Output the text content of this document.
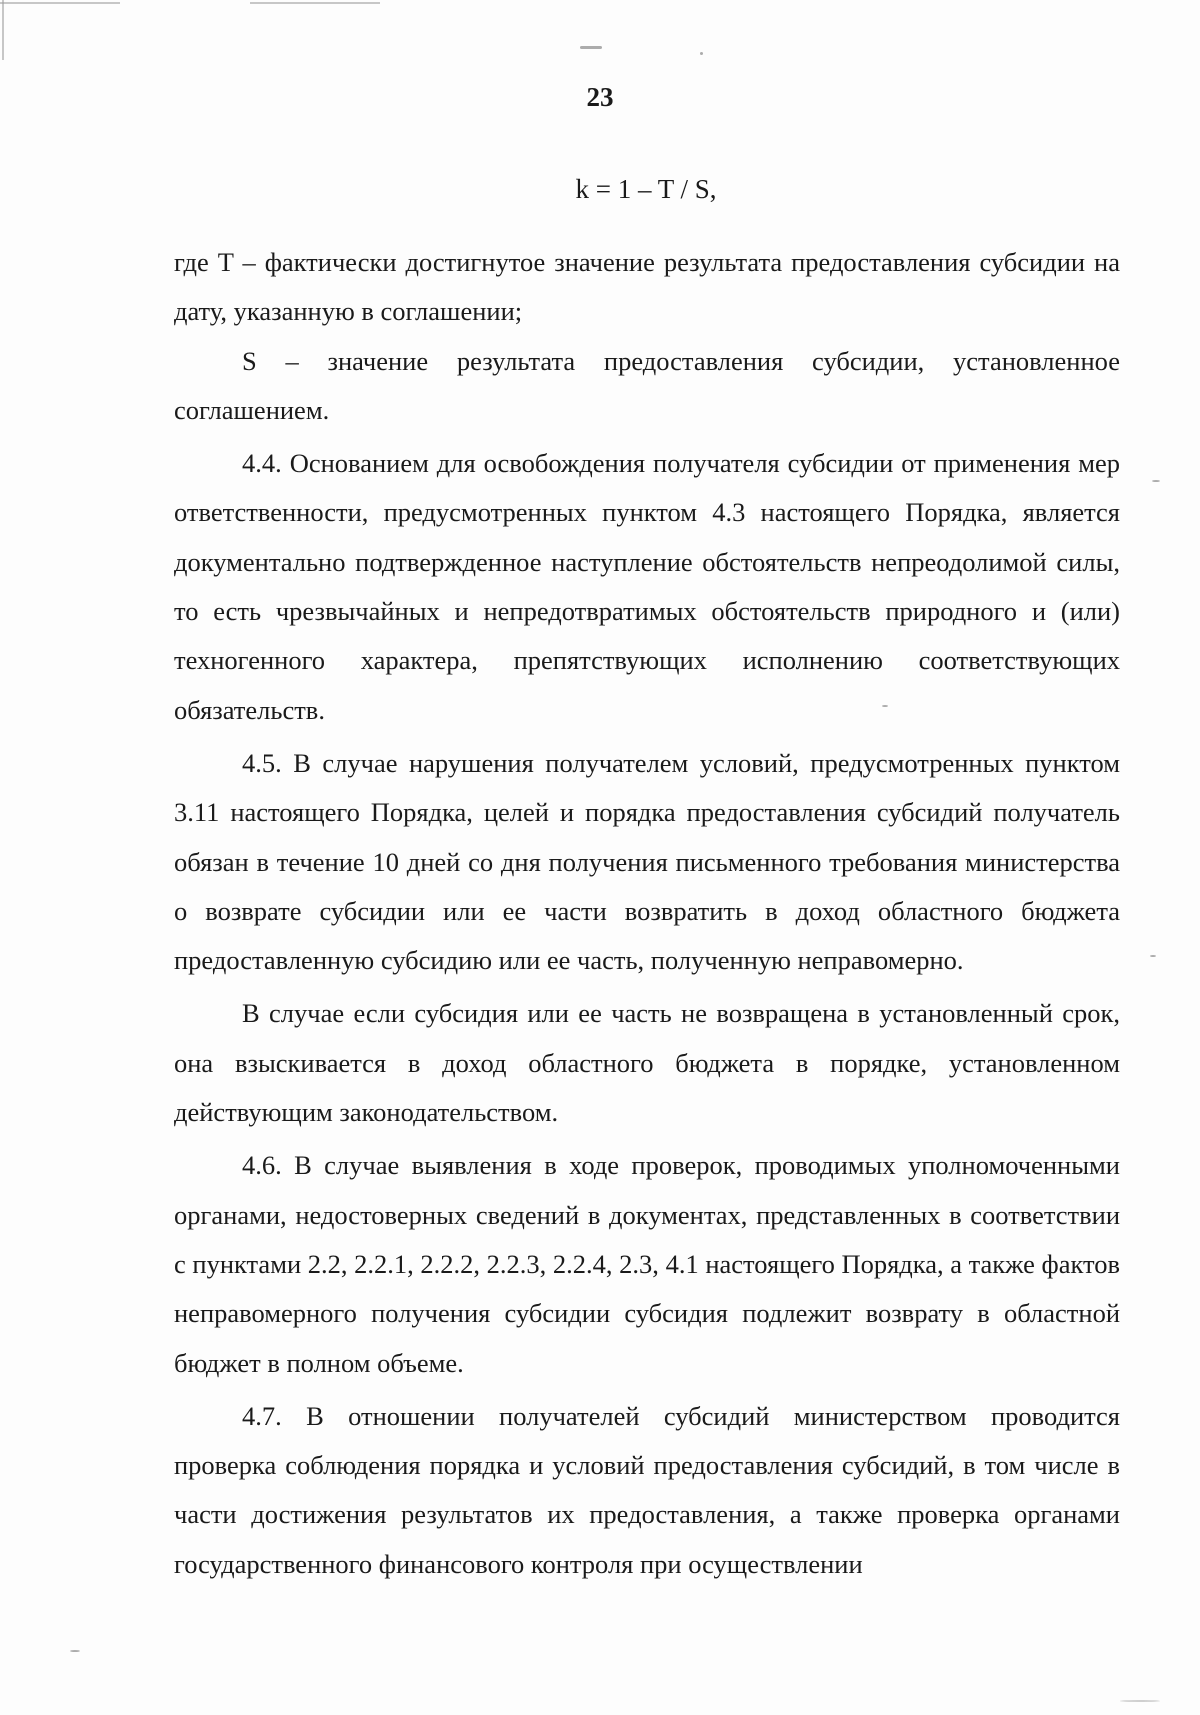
23
k = 1 – T / S,

где T – фактически достигнутое значение результата предоставления субсидии на дату, указанную в соглашении;

S – значение результата предоставления субсидии, установленное соглашением.

4.4. Основанием для освобождения получателя субсидии от применения мер ответственности, предусмотренных пунктом 4.3 настоящего Порядка, является документально подтвержденное наступление обстоятельств непреодолимой силы, то есть чрезвычайных и непредотвратимых обстоятельств природного и (или) техногенного характера, препятствующих исполнению соответствующих обязательств.

4.5. В случае нарушения получателем условий, предусмотренных пунктом 3.11 настоящего Порядка, целей и порядка предоставления субсидий получатель обязан в течение 10 дней со дня получения письменного требования министерства о возврате субсидии или ее части возвратить в доход областного бюджета предоставленную субсидию или ее часть, полученную неправомерно.

В случае если субсидия или ее часть не возвращена в установленный срок, она взыскивается в доход областного бюджета в порядке, установленном действующим законодательством.

4.6. В случае выявления в ходе проверок, проводимых уполномоченными органами, недостоверных сведений в документах, представленных в соответствии с пунктами 2.2, 2.2.1, 2.2.2, 2.2.3, 2.2.4, 2.3, 4.1 настоящего Порядка, а также фактов неправомерного получения субсидии субсидия подлежит возврату в областной бюджет в полном объеме.

4.7. В отношении получателей субсидий министерством проводится проверка соблюдения порядка и условий предоставления субсидий, в том числе в части достижения результатов их предоставления, а также проверка органами государственного финансового контроля при осуществлении
